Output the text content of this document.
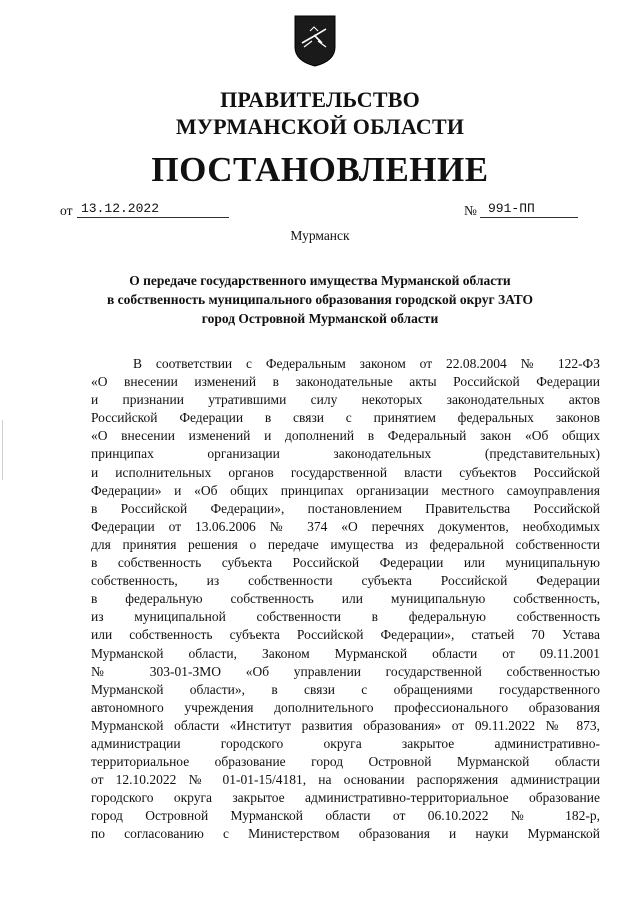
ПРАВИТЕЛЬСТВО
МУРМАНСКОЙ ОБЛАСТИ
ПОСТАНОВЛЕНИЕ
от 13.12.2022	№ 991-ПП
Мурманск
О передаче государственного имущества Мурманской области
в собственность муниципального образования городской округ ЗАТО
город Островной Мурманской области
В соответствии с Федеральным законом от 22.08.2004 № 122-ФЗ
«О внесении изменений в законодательные акты Российской Федерации
и признании утратившими силу некоторых законодательных актов
Российской Федерации в связи с принятием федеральных законов
«О внесении изменений и дополнений в Федеральный закон «Об общих
принципах организации законодательных (представительных)
и исполнительных органов государственной власти субъектов Российской
Федерации» и «Об общих принципах организации местного самоуправления
в Российской Федерации», постановлением Правительства Российской
Федерации от 13.06.2006 № 374 «О перечнях документов, необходимых
для принятия решения о передаче имущества из федеральной собственности
в собственность субъекта Российской Федерации или муниципальную
собственность, из собственности субъекта Российской Федерации
в федеральную собственность или муниципальную собственность,
из муниципальной собственности в федеральную собственность
или собственность субъекта Российской Федерации», статьей 70 Устава
Мурманской области, Законом Мурманской области от 09.11.2001
№ 303-01-ЗМО «Об управлении государственной собственностью
Мурманской области», в связи с обращениями государственного
автономного учреждения дополнительного профессионального образования
Мурманской области «Институт развития образования» от 09.11.2022 № 873,
администрации городского округа закрытое административно-
территориальное образование город Островной Мурманской области
от 12.10.2022 № 01-01-15/4181, на основании распоряжения администрации
городского округа закрытое административно-территориальное образование
город Островной Мурманской области от 06.10.2022 № 182-р,
по согласованию с Министерством образования и науки Мурманской
